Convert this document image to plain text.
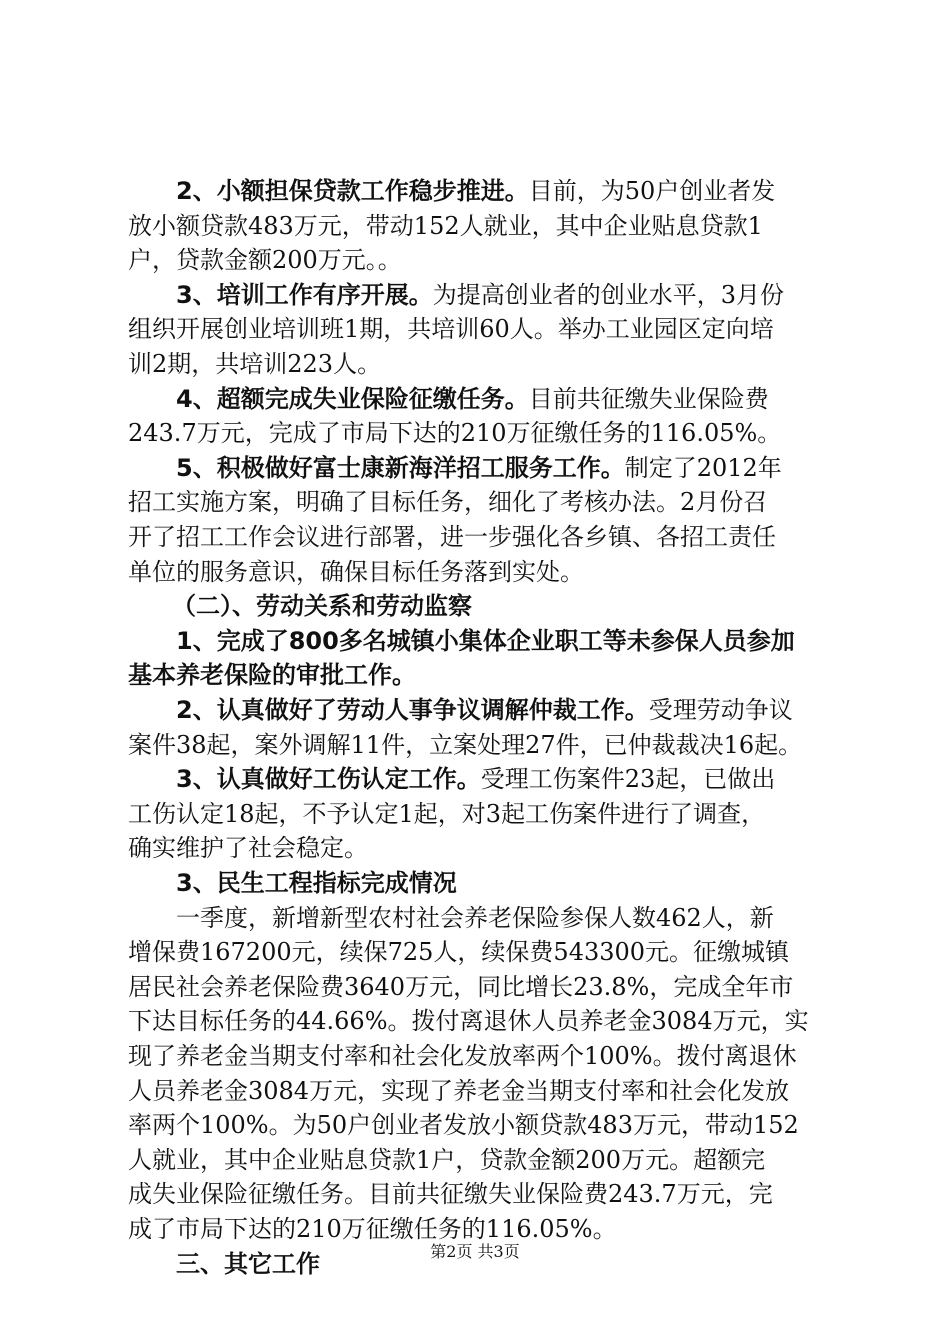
2、小额担保贷款工作稳步推进。目前，为50户创业者发
放小额贷款483万元，带动152人就业，其中企业贴息贷款1
户，贷款金额200万元。。
3、培训工作有序开展。为提高创业者的创业水平，3月份
组织开展创业培训班1期，共培训60人。举办工业园区定向培
训2期，共培训223人。
4、超额完成失业保险征缴任务。目前共征缴失业保险费
243.7万元，完成了市局下达的210万征缴任务的116.05%。
5、积极做好富士康新海洋招工服务工作。制定了2012年
招工实施方案，明确了目标任务，细化了考核办法。2月份召
开了招工工作会议进行部署，进一步强化各乡镇、各招工责任
单位的服务意识，确保目标任务落到实处。
（二）、劳动关系和劳动监察
1、完成了800多名城镇小集体企业职工等未参保人员参加
基本养老保险的审批工作。
2、认真做好了劳动人事争议调解仲裁工作。受理劳动争议
案件38起，案外调解11件，立案处理27件，已仲裁裁决16起。
3、认真做好工伤认定工作。受理工伤案件23起，已做出
工伤认定18起，不予认定1起，对3起工伤案件进行了调查，
确实维护了社会稳定。
3、民生工程指标完成情况
一季度，新增新型农村社会养老保险参保人数462人，新
增保费167200元，续保725人，续保费543300元。征缴城镇
居民社会养老保险费3640万元，同比增长23.8%，完成全年市
下达目标任务的44.66%。拨付离退休人员养老金3084万元，实
现了养老金当期支付率和社会化发放率两个100%。拨付离退休
人员养老金3084万元，实现了养老金当期支付率和社会化发放
率两个100%。为50户创业者发放小额贷款483万元，带动152
人就业，其中企业贴息贷款1户，贷款金额200万元。超额完
成失业保险征缴任务。目前共征缴失业保险费243.7万元，完
成了市局下达的210万征缴任务的116.05%。
三、其它工作	第2页 共3页
